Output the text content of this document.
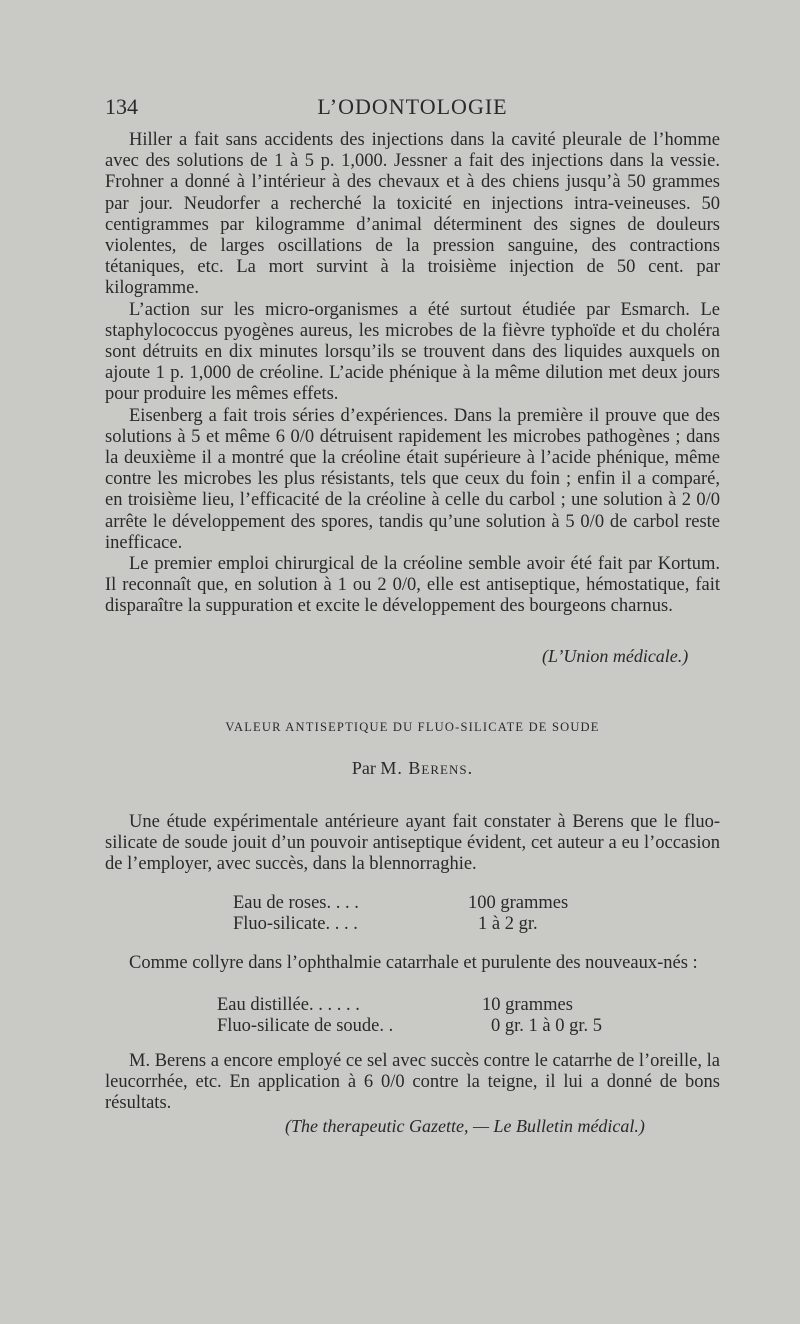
134	L’ODONTOLOGIE

Hiller a fait sans accidents des injections dans la cavité pleurale de l’homme avec des solutions de 1 à 5 p. 1,000. Jessner a fait des injections dans la vessie. Frohner a donné à l’intérieur à des chevaux et à des chiens jusqu’à 50 grammes par jour. Neudorfer a recherché la toxicité en injections intra-veineuses. 50 centigrammes par kilogramme d’animal déterminent des signes de douleurs violentes, de larges oscillations de la pression sanguine, des contractions tétaniques, etc. La mort survint à la troisième injection de 50 cent. par kilogramme.

L’action sur les micro-organismes a été surtout étudiée par Esmarch. Le staphylococcus pyogènes aureus, les microbes de la fièvre typhoïde et du choléra sont détruits en dix minutes lorsqu’ils se trouvent dans des liquides auxquels on ajoute 1 p. 1,000 de créoline. L’acide phénique à la même dilution met deux jours pour produire les mêmes effets.

Eisenberg a fait trois séries d’expériences. Dans la première il prouve que des solutions à 5 et même 6 0/0 détruisent rapidement les microbes pathogènes ; dans la deuxième il a montré que la créoline était supérieure à l’acide phénique, même contre les microbes les plus résistants, tels que ceux du foin ; enfin il a comparé, en troisième lieu, l’efficacité de la créoline à celle du carbol ; une solution à 2 0/0 arrête le développement des spores, tandis qu’une solution à 5 0/0 de carbol reste inefficace.

Le premier emploi chirurgical de la créoline semble avoir été fait par Kortum. Il reconnaît que, en solution à 1 ou 2 0/0, elle est antiseptique, hémostatique, fait disparaître la suppuration et excite le développement des bourgeons charnus.

(L’Union médicale.)
VALEUR ANTISEPTIQUE DU FLUO-SILICATE DE SOUDE
Par M. Berens.

Une étude expérimentale antérieure ayant fait constater à Berens que le fluo-silicate de soude jouit d’un pouvoir antiseptique évident, cet auteur a eu l’occasion de l’employer, avec succès, dans la blennorraghie.

Eau de roses. . . .	100 grammes
Fluo-silicate. . . .	1 à 2 gr.

Comme collyre dans l’ophthalmie catarrhale et purulente des nouveaux-nés :

Eau distillée. . . . . .	10 grammes
Fluo-silicate de soude. .	0 gr. 1 à 0 gr. 5

M. Berens a encore employé ce sel avec succès contre le catarrhe de l’oreille, la leucorrhée, etc. En application à 6 0/0 contre la teigne, il lui a donné de bons résultats.

(The therapeutic Gazette, — Le Bulletin médical.)
